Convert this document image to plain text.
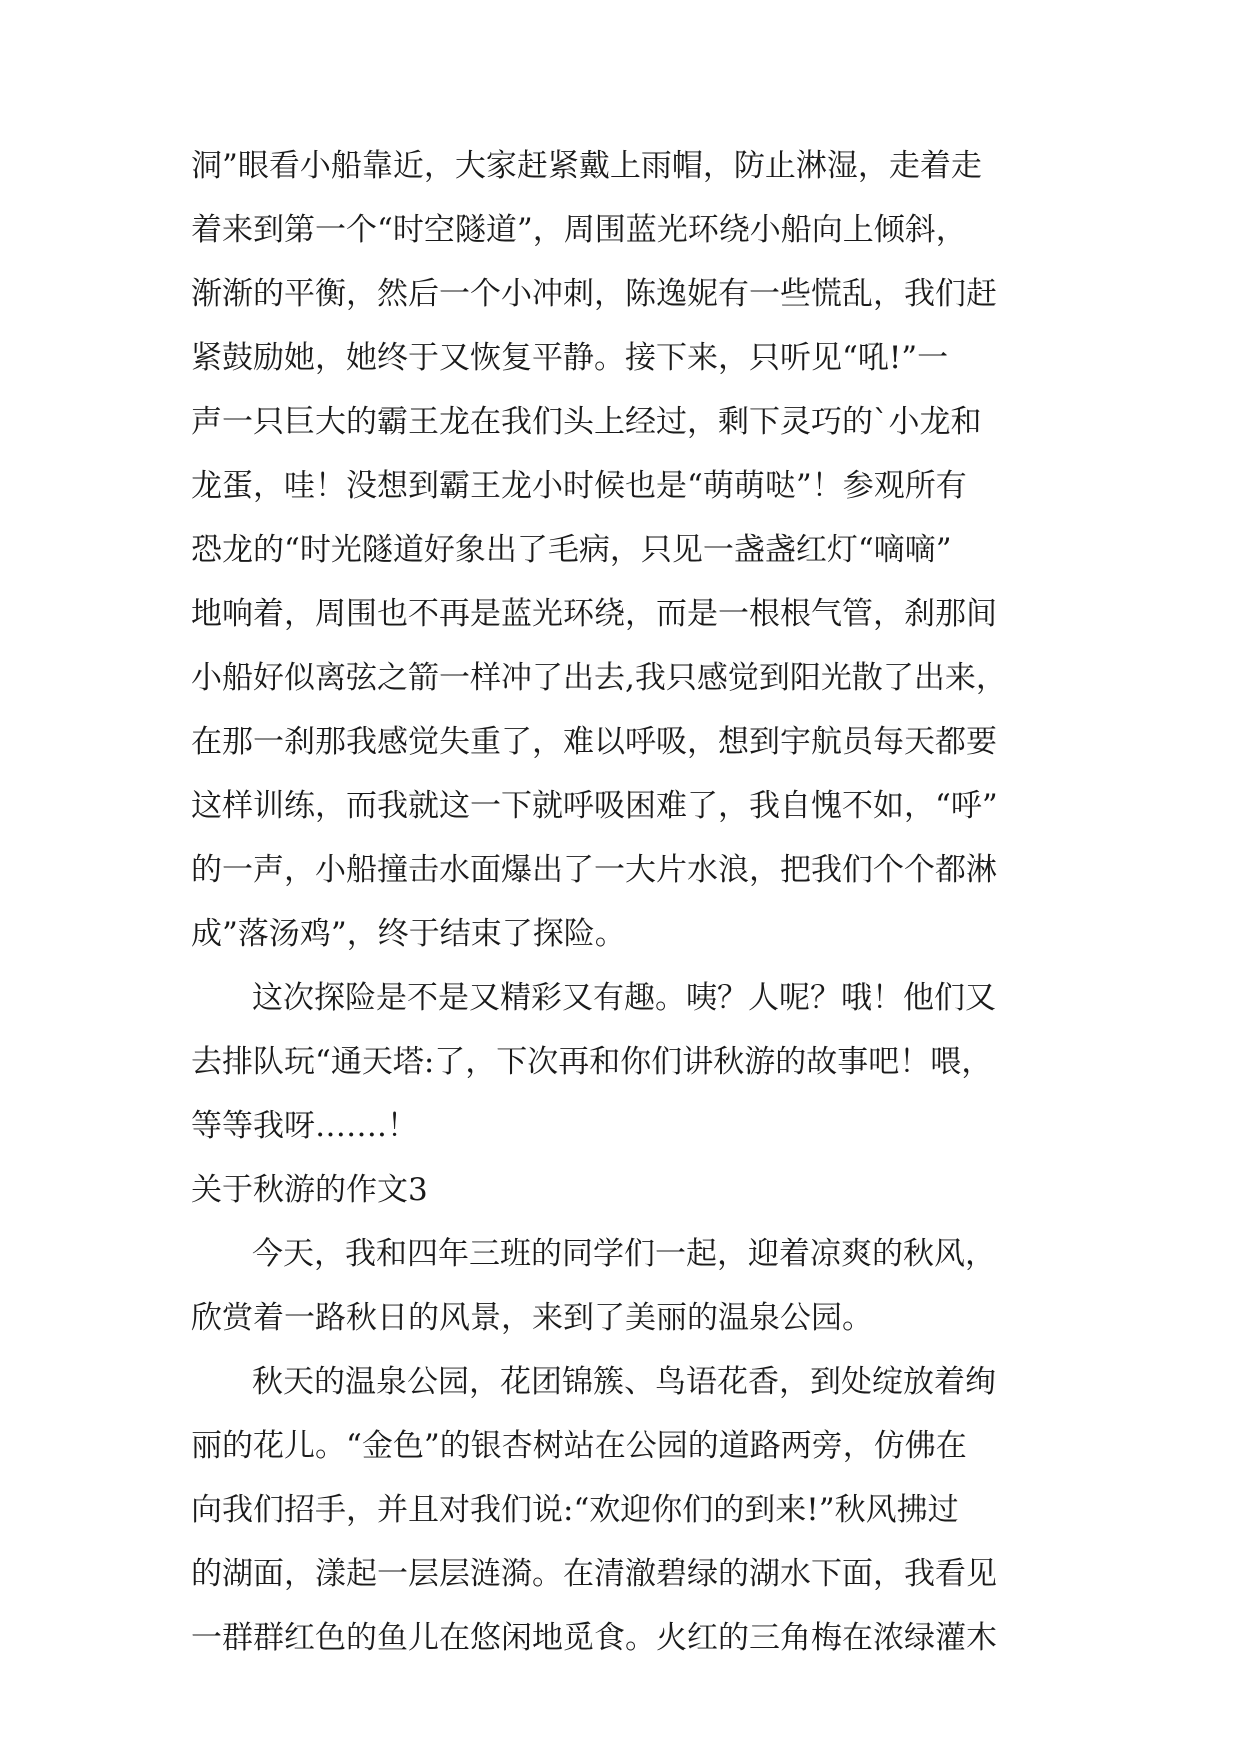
洞”眼看小船靠近，大家赶紧戴上雨帽，防止淋湿，走着走
着来到第一个“时空隧道”，周围蓝光环绕小船向上倾斜，
渐渐的平衡，然后一个小冲刺，陈逸妮有一些慌乱，我们赶
紧鼓励她，她终于又恢复平静。接下来，只听见“吼!”一
声一只巨大的霸王龙在我们头上经过，剩下灵巧的`小龙和
龙蛋，哇！没想到霸王龙小时候也是“萌萌哒”！参观所有
恐龙的“时光隧道好象出了毛病，只见一盏盏红灯“嘀嘀”
地响着，周围也不再是蓝光环绕，而是一根根气管，刹那间
小船好似离弦之箭一样冲了出去,我只感觉到阳光散了出来，
在那一刹那我感觉失重了，难以呼吸，想到宇航员每天都要
这样训练，而我就这一下就呼吸困难了，我自愧不如，“呼”
的一声，小船撞击水面爆出了一大片水浪，把我们个个都淋
成”落汤鸡”，终于结束了探险。
这次探险是不是又精彩又有趣。咦？人呢？哦！他们又
去排队玩“通天塔:了，下次再和你们讲秋游的故事吧！喂，
等等我呀…….！
关于秋游的作文3
今天，我和四年三班的同学们一起，迎着凉爽的秋风，
欣赏着一路秋日的风景，来到了美丽的温泉公园。
秋天的温泉公园，花团锦簇、鸟语花香，到处绽放着绚
丽的花儿。“金色”的银杏树站在公园的道路两旁，仿佛在
向我们招手，并且对我们说:“欢迎你们的到来!”秋风拂过
的湖面，漾起一层层涟漪。在清澈碧绿的湖水下面，我看见
一群群红色的鱼儿在悠闲地觅食。火红的三角梅在浓绿灌木
